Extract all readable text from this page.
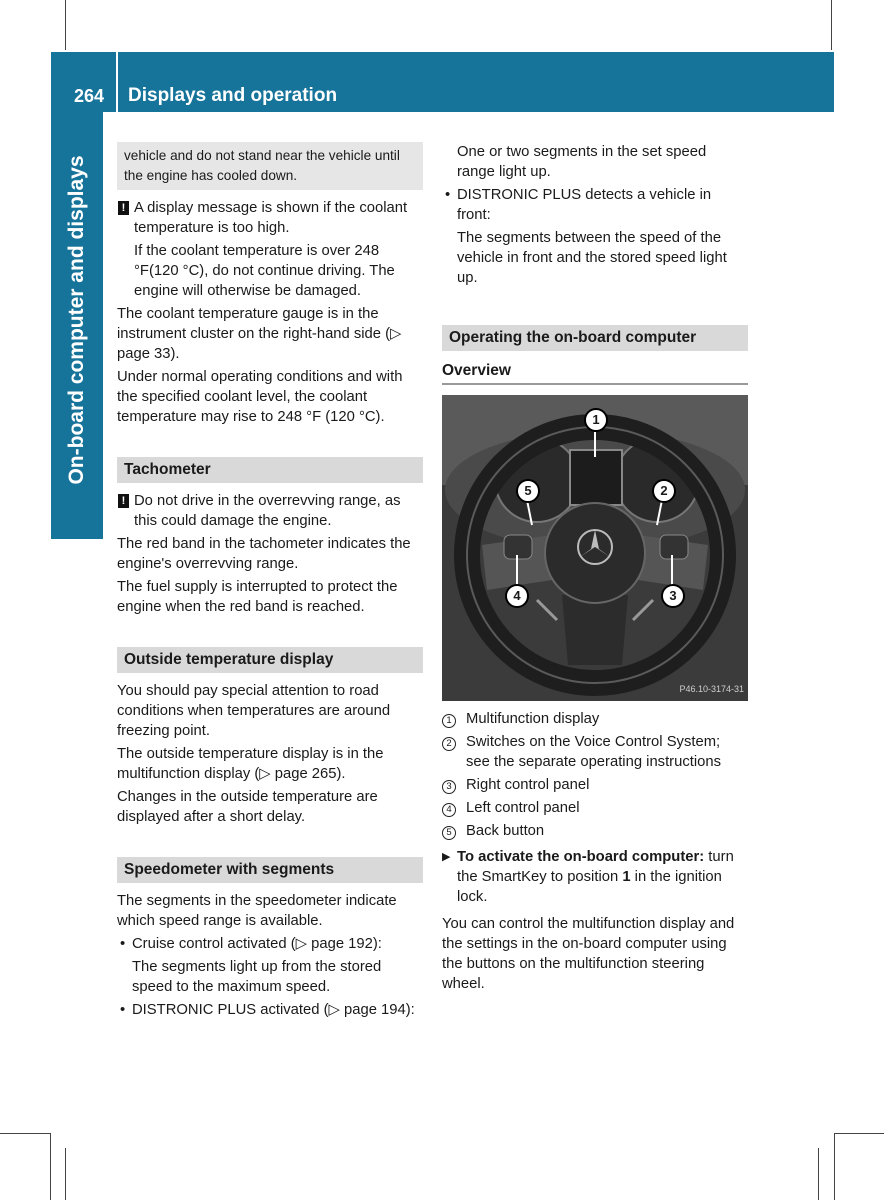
264 Displays and operation
On-board computer and displays	vehicle and do not stand near the vehicle until the engine has cooled down.
! A display message is shown if the coolant temperature is too high.

If the coolant temperature is over 248 °F(120 °C), do not continue driving. The engine will otherwise be damaged.

The coolant temperature gauge is in the instrument cluster on the right-hand side (▷ page 33).

Under normal operating conditions and with the specified coolant level, the coolant temperature may rise to 248 °F (120 °C).

Tachometer
! Do not drive in the overrevving range, as this could damage the engine.

The red band in the tachometer indicates the engine's overrevving range.

The fuel supply is interrupted to protect the engine when the red band is reached.

Outside temperature display

You should pay special attention to road conditions when temperatures are around freezing point.

The outside temperature display is in the multifunction display (▷ page 265).

Changes in the outside temperature are displayed after a short delay.

Speedometer with segments

The segments in the speedometer indicate which speed range is available.

• Cruise control activated (▷ page 192):

The segments light up from the stored speed to the maximum speed.

• DISTRONIC PLUS activated (▷ page 194):

One or two segments in the set speed range light up.

• DISTRONIC PLUS detects a vehicle in front:

The segments between the speed of the vehicle in front and the stored speed light up.

Operating the on-board computer
Overview
1
2
3
4
5
P46.10-3174-31
1 Multifunction display
2 Switches on the Voice Control System; see the separate operating instructions
3 Right control panel
4 Left control panel
5 Back button
▶ To activate the on-board computer: turn the SmartKey to position 1 in the ignition lock.

You can control the multifunction display and the settings in the on-board computer using the buttons on the multifunction steering wheel.
